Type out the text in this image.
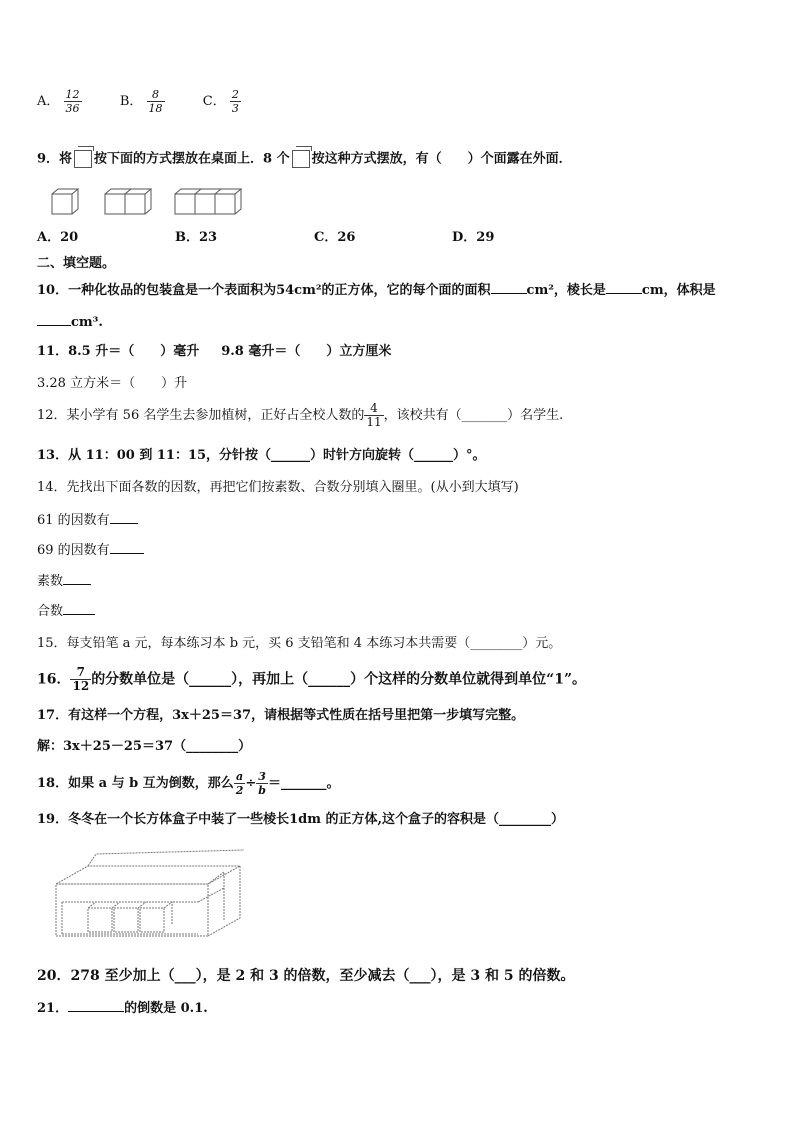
A． $\frac{12}{36}$	B． $\frac{8}{18}$	C． $\frac{2}{3}$
9．将 按下面的方式摆放在桌面上．8 个 按这种方式摆放，有（　　）个面露在外面．
A．20	B．23	C．26	D．29
二、填空题。
10．一种化妆品的包装盒是一个表面积为54cm²的正方体，它的每个面的面积	cm²，棱长是	cm，体积是
cm³.
11．8.5 升＝（　　）毫升 9.8 毫升＝（　　）立方厘米
3.28 立方米＝（　　）升
12．某小学有 56 名学生去参加植树，正好占全校人数的 $\frac{4}{11}$ ，该校共有（_______）名学生.
13．从 11：00 到 11：15，分针按（______）时针方向旋转（______）°。
14．先找出下面各数的因数，再把它们按素数、合数分别填入圈里。(从小到大填写)
61 的因数有
69 的因数有
素数
合数
15．每支铅笔 a 元，每本练习本 b 元，买 6 支铅笔和 4 本练习本共需要（________）元。
16． $\frac{7}{12}$ 的分数单位是（______），再加上（______）个这样的分数单位就得到单位“1”。
17．有这样一个方程，3x＋25＝37，请根据等式性质在括号里把第一步填写完整。
解：3x＋25－25＝37（________）
18．如果 a 与 b 互为倒数，那么 $\frac{a}{2} \div \frac{3}{b}$ ＝_______。
19．冬冬在一个长方体盒子中装了一些棱长1dm 的正方体,这个盒子的容积是（________）
20．278 至少加上（___），是 2 和 3 的倍数，至少减去（___），是 3 和 5 的倍数。
21．	的倒数是 0.1.
